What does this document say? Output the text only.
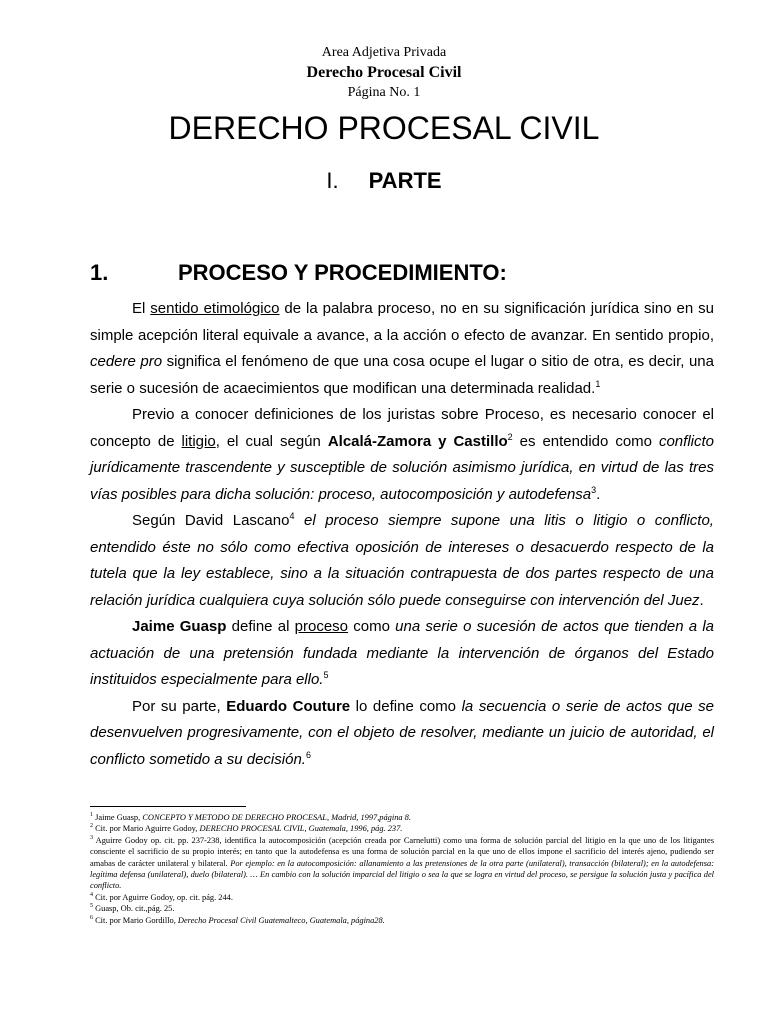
Area Adjetiva Privada
Derecho Procesal Civil
Página No. 1
DERECHO PROCESAL CIVIL
I. PARTE
1.	PROCESO Y PROCEDIMIENTO:

El sentido etimológico de la palabra proceso, no en su significación jurídica sino en su simple acepción literal equivale a avance, a la acción o efecto de avanzar. En sentido propio, cedere pro significa el fenómeno de que una cosa ocupe el lugar o sitio de otra, es decir, una serie o sucesión de acaecimientos que modifican una determinada realidad.$^1$

Previo a conocer definiciones de los juristas sobre Proceso, es necesario conocer el concepto de litigio, el cual según Alcalá-Zamora y Castillo$^2$ es entendido como conflicto jurídicamente trascendente y susceptible de solución asimismo jurídica, en virtud de las tres vías posibles para dicha solución: proceso, autocomposición y autodefensa$^3$.

Según David Lascano$^4$ el proceso siempre supone una litis o litigio o conflicto, entendido éste no sólo como efectiva oposición de intereses o desacuerdo respecto de la tutela que la ley establece, sino a la situación contrapuesta de dos partes respecto de una relación jurídica cualquiera cuya solución sólo puede conseguirse con intervención del Juez.

Jaime Guasp define al proceso como una serie o sucesión de actos que tienden a la actuación de una pretensión fundada mediante la intervención de órganos del Estado instituidos especialmente para ello.$^5$

Por su parte, Eduardo Couture lo define como la secuencia o serie de actos que se desenvuelven progresivamente, con el objeto de resolver, mediante un juicio de autoridad, el conflicto sometido a su decisión.$^6$

$^1$ Jaime Guasp, CONCEPTO Y METODO DE DERECHO PROCESAL, Madrid, 1997,página 8.
$^2$ Cit. por Mario Aguirre Godoy, DERECHO PROCESAL CIVIL, Guatemala, 1996, pág. 237.
$^3$ Aguirre Godoy op. cit. pp. 237-238, identifica la autocomposición (acepción creada por Carnelutti) como una forma de solución parcial del litigio en la que uno de los litigantes consciente el sacrificio de su propio interés; en tanto que la autodefensa es una forma de solución parcial en la que uno de ellos impone el sacrificio del interés ajeno, pudiendo ser amabas de carácter unilateral y bilateral. Por ejemplo: en la autocomposición: allanamiento a las pretensiones de la otra parte (unilateral), transacción (bilateral); en la autodefensa: legítima defensa (unilateral), duelo (bilateral). … En cambio con la solución imparcial del litigio o sea la que se logra en virtud del proceso, se persigue la solución justa y pacífica del conflicto.
$^4$ Cit. por Aguirre Godoy, op. cit. pág. 244.
$^5$ Guasp, Ob. cit.,pág. 25.
$^6$ Cit. por Mario Gordillo, Derecho Procesal Civil Guatemalteco, Guatemala, página28.
